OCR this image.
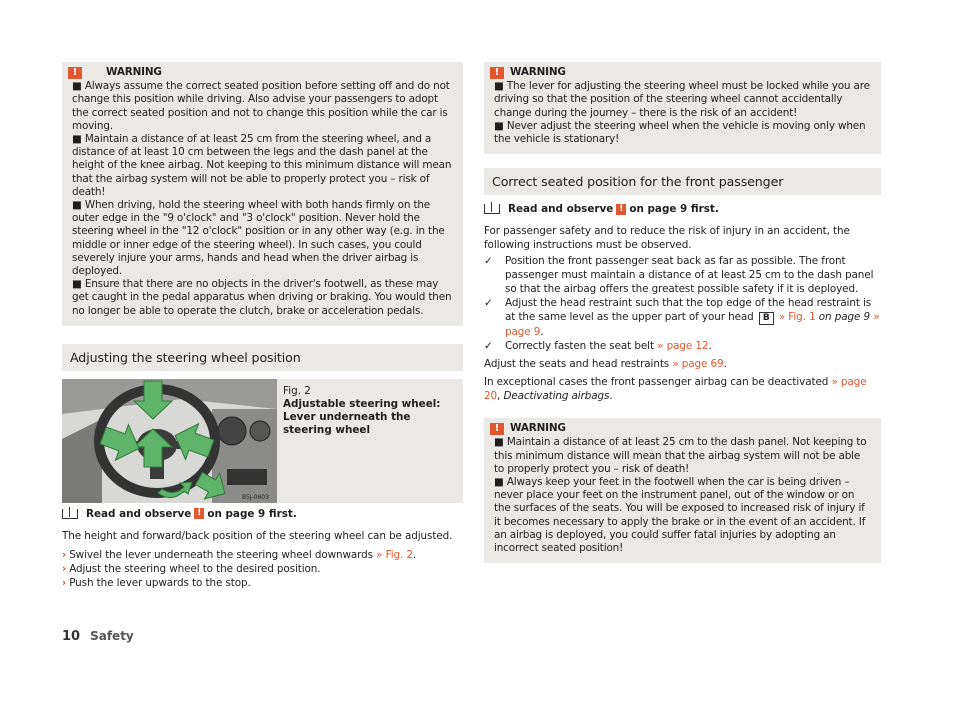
!	WARNING

■ Always assume the correct seated position before setting off and do not change this position while driving. Also advise your passengers to adopt the correct seated position and not to change this position while the car is moving.

■ Maintain a distance of at least 25 cm from the steering wheel, and a distance of at least 10 cm between the legs and the dash panel at the height of the knee airbag. Not keeping to this minimum distance will mean that the airbag system will not be able to properly protect you – risk of death!

■ When driving, hold the steering wheel with both hands firmly on the outer edge in the "9 o'clock" and "3 o'clock" position. Never hold the steering wheel in the "12 o'clock" position or in any other way (e.g. in the middle or inner edge of the steering wheel). In such cases, you could severely injure your arms, hands and head when the driver airbag is deployed.

■ Ensure that there are no objects in the driver's footwell, as these may get caught in the pedal apparatus when driving or braking. You would then no longer be able to operate the clutch, brake or acceleration pedals.

Adjusting the steering wheel position
B5J-0603
Fig. 2
Adjustable steering wheel: Lever underneath the steering wheel
Read and observe ! on page 9 first.
The height and forward/back position of the steering wheel can be adjusted.
› Swivel the lever underneath the steering wheel downwards » Fig. 2.
› Adjust the steering wheel to the desired position.
› Push the lever upwards to the stop.
!	WARNING

■ The lever for adjusting the steering wheel must be locked while you are driving so that the position of the steering wheel cannot accidentally change during the journey – there is the risk of an accident!

■ Never adjust the steering wheel when the vehicle is moving only when the vehicle is stationary!

Correct seated position for the front passenger
Read and observe ! on page 9 first.
For passenger safety and to reduce the risk of injury in an accident, the following instructions must be observed.
✓ Position the front passenger seat back as far as possible. The front passenger must maintain a distance of at least 25 cm to the dash panel so that the airbag offers the greatest possible safety if it is deployed.
✓ Adjust the head restraint such that the top edge of the head restraint is at the same level as the upper part of your head B » Fig. 1 on page 9 » page 9.
✓ Correctly fasten the seat belt » page 12.
Adjust the seats and head restraints » page 69.
In exceptional cases the front passenger airbag can be deactivated » page 20, Deactivating airbags.
!	WARNING

■ Maintain a distance of at least 25 cm to the dash panel. Not keeping to this minimum distance will mean that the airbag system will not be able to properly protect you – risk of death!

■ Always keep your feet in the footwell when the car is being driven – never place your feet on the instrument panel, out of the window or on the surfaces of the seats. You will be exposed to increased risk of injury if it becomes necessary to apply the brake or in the event of an accident. If an airbag is deployed, you could suffer fatal injuries by adopting an incorrect seated position!

10 Safety
